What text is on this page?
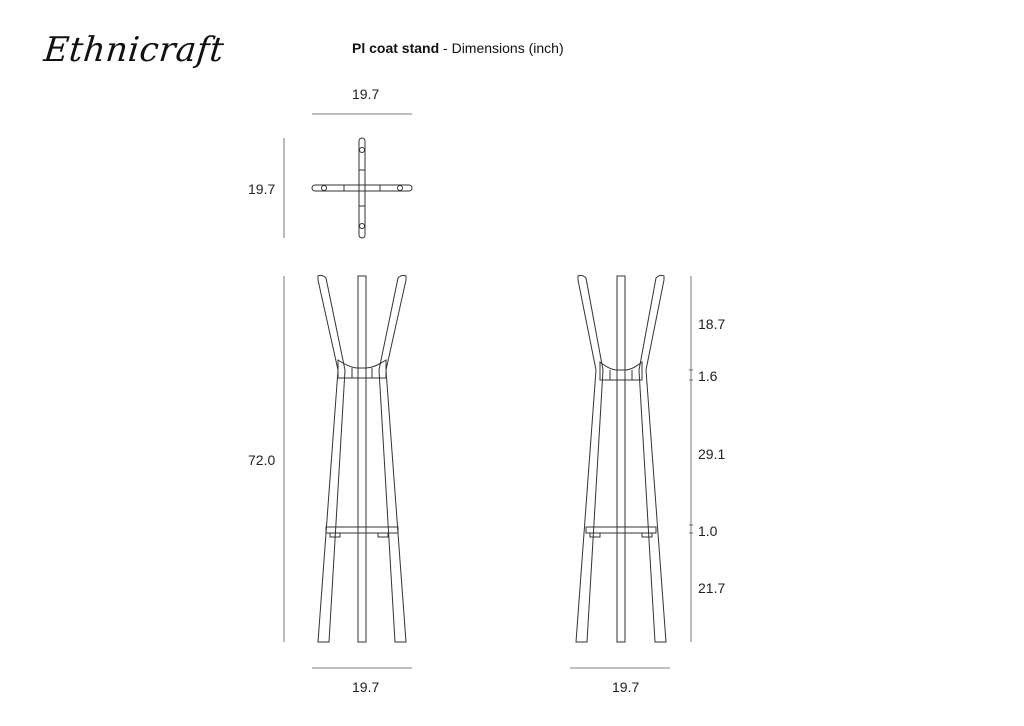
Ethnicraft	Pl coat stand - Dimensions (inch)
19.7
19.7
72.0
19.7	19.7
18.7
1.6
29.1
1.0
21.7
